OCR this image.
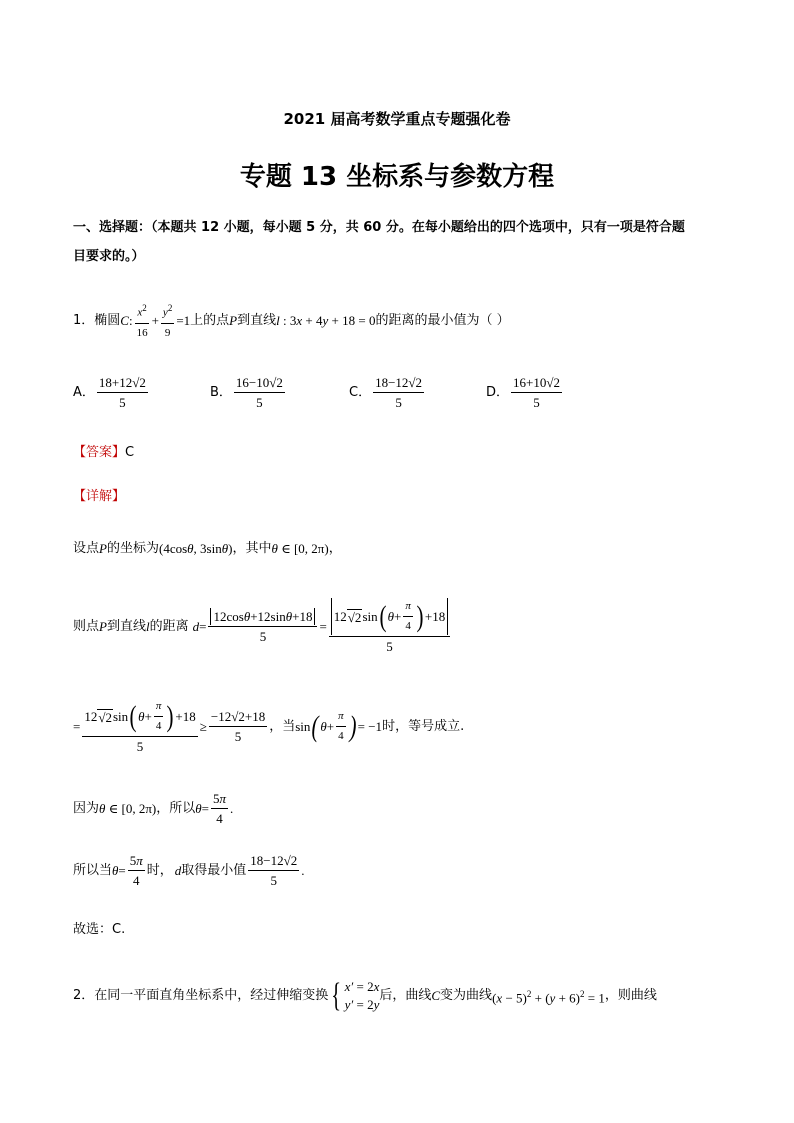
2021 届高考数学重点专题强化卷
专题 13 坐标系与参数方程
一、选择题：（本题共 12 小题，每小题 5 分，共 60 分。在每小题给出的四个选项中，只有一项是符合题
目要求的。）
1．椭圆 C : $\frac{x^2}{16} + \frac{y^2}{9} =1$ 上的点 P 到直线 l : 3x + 4y + 18 = 0 的距离的最小值为（ ）
A． $\frac{18+12√2}{5}$	B． $\frac{16-10√2}{5}$	C． $\frac{18-12√2}{5}$	D． $\frac{16+10√2}{5}$
【答案】 C
【详解】
设点 P 的坐标为 (4cosθ, 3sinθ) ，其中 θ ∈ [0, 2π) ，
则点 P 到直线 l 的距离 $d = \frac{12\cos\theta+12\sin\theta+18}{5} = \frac{12 √2 \sin ( \theta + \frac{\pi}{4} ) +18}{5}$
= $\frac{12 √2 \sin ( \theta + \frac{\pi}{4} ) +18}{5} \ge \frac{-12√2+18}{5}$ ，当 sin ( $\theta + \frac{\pi}{4}$ ) = −1 时，等号成立.
因为 θ ∈ [0, 2π) ，所以 $\theta = \frac{5\pi}{4}$ .
所以当 $\theta = \frac{5\pi}{4}$ 时， d 取得最小值 $\frac{18-12√2}{5}$ .
故选：C.
2．在同一平面直角坐标系中，经过伸缩变换 { x′ = 2x
y′ = 2y
后，曲线 C 变为曲线 $(x - 5)^2 + (y + 6)^2 = 1$ ，则曲线
